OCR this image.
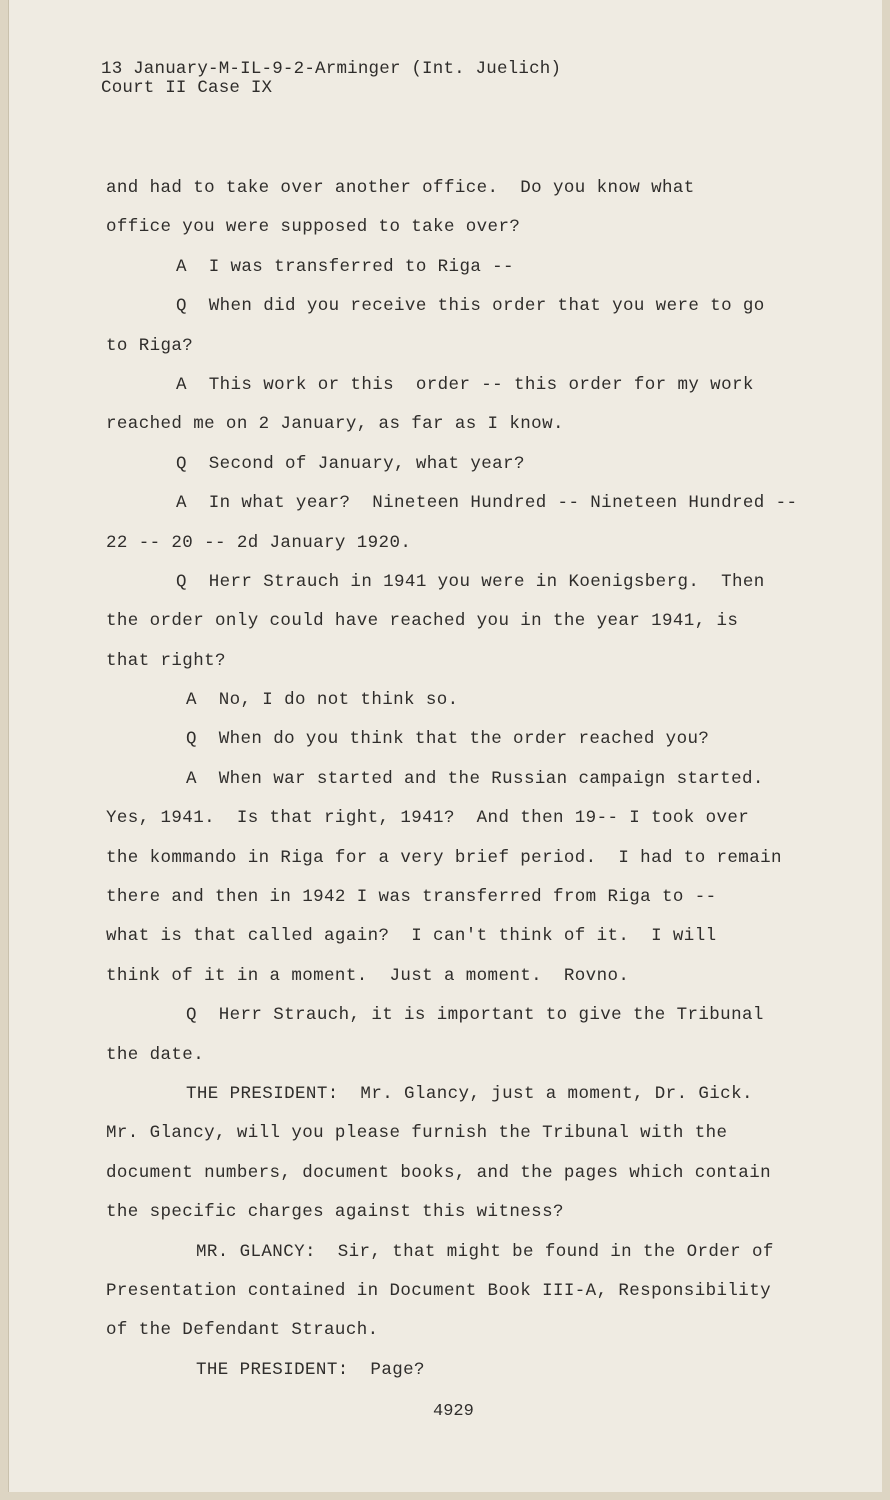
13 January-M-IL-9-2-Arminger (Int. Juelich)
Court II Case IX
and had to take over another office.  Do you know what
office you were supposed to take over?
A  I was transferred to Riga --
Q  When did you receive this order that you were to go
to Riga?
A  This work or this  order -- this order for my work
reached me on 2 January, as far as I know.
Q  Second of January, what year?
A  In what year?  Nineteen Hundred -- Nineteen Hundred --
22 -- 20 -- 2d January 1920.
Q  Herr Strauch in 1941 you were in Koenigsberg.  Then
the order only could have reached you in the year 1941, is
that right?
A  No, I do not think so.
Q  When do you think that the order reached you?
A  When war started and the Russian campaign started.
Yes, 1941.  Is that right, 1941?  And then 19-- I took over
the kommando in Riga for a very brief period.  I had to remain
there and then in 1942 I was transferred from Riga to --
what is that called again?  I can't think of it.  I will
think of it in a moment.  Just a moment.  Rovno.
Q  Herr Strauch, it is important to give the Tribunal
the date.
THE PRESIDENT:  Mr. Glancy, just a moment, Dr. Gick.
Mr. Glancy, will you please furnish the Tribunal with the
document numbers, document books, and the pages which contain
the specific charges against this witness?
MR. GLANCY:  Sir, that might be found in the Order of
Presentation contained in Document Book III-A, Responsibility
of the Defendant Strauch.
THE PRESIDENT:  Page?
4929
